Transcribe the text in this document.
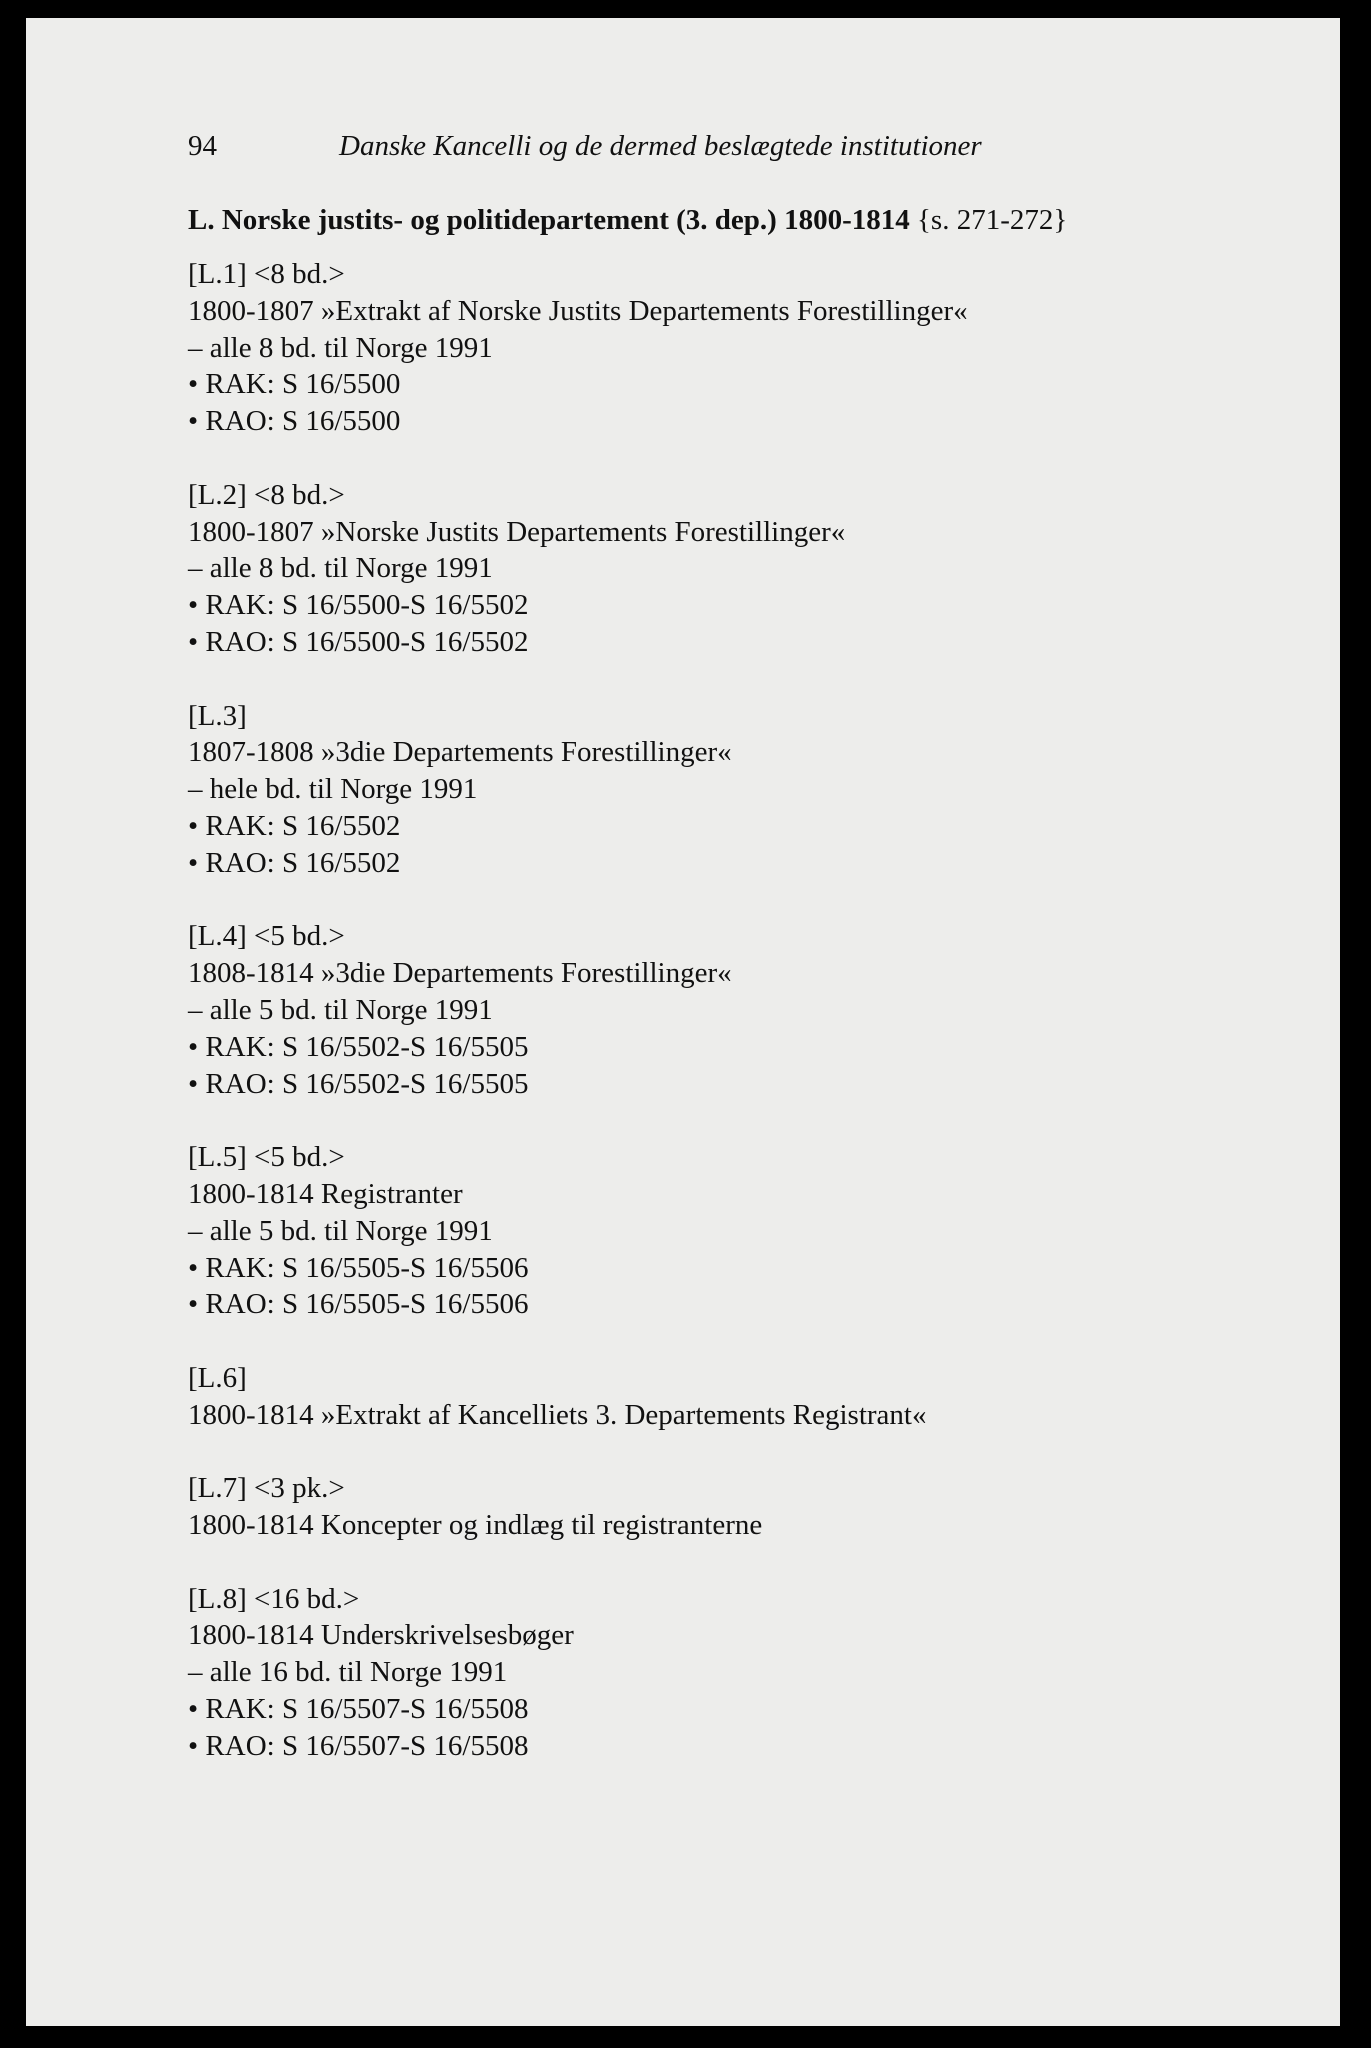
94	Danske Kancelli og de dermed beslægtede institutioner
L. Norske justits- og politidepartement (3. dep.) 1800-1814 {s. 271-272}
[L.1] <8 bd.>
1800-1807 »Extrakt af Norske Justits Departements Forestillinger«
– alle 8 bd. til Norge 1991
• RAK: S 16/5500
• RAO: S 16/5500
[L.2] <8 bd.>
1800-1807 »Norske Justits Departements Forestillinger«
– alle 8 bd. til Norge 1991
• RAK: S 16/5500-S 16/5502
• RAO: S 16/5500-S 16/5502
[L.3]
1807-1808 »3die Departements Forestillinger«
– hele bd. til Norge 1991
• RAK: S 16/5502
• RAO: S 16/5502
[L.4] <5 bd.>
1808-1814 »3die Departements Forestillinger«
– alle 5 bd. til Norge 1991
• RAK: S 16/5502-S 16/5505
• RAO: S 16/5502-S 16/5505
[L.5] <5 bd.>
1800-1814 Registranter
– alle 5 bd. til Norge 1991
• RAK: S 16/5505-S 16/5506
• RAO: S 16/5505-S 16/5506
[L.6]
1800-1814 »Extrakt af Kancelliets 3. Departements Registrant«
[L.7] <3 pk.>
1800-1814 Koncepter og indlæg til registranterne
[L.8] <16 bd.>
1800-1814 Underskrivelsesbøger
– alle 16 bd. til Norge 1991
• RAK: S 16/5507-S 16/5508
• RAO: S 16/5507-S 16/5508
